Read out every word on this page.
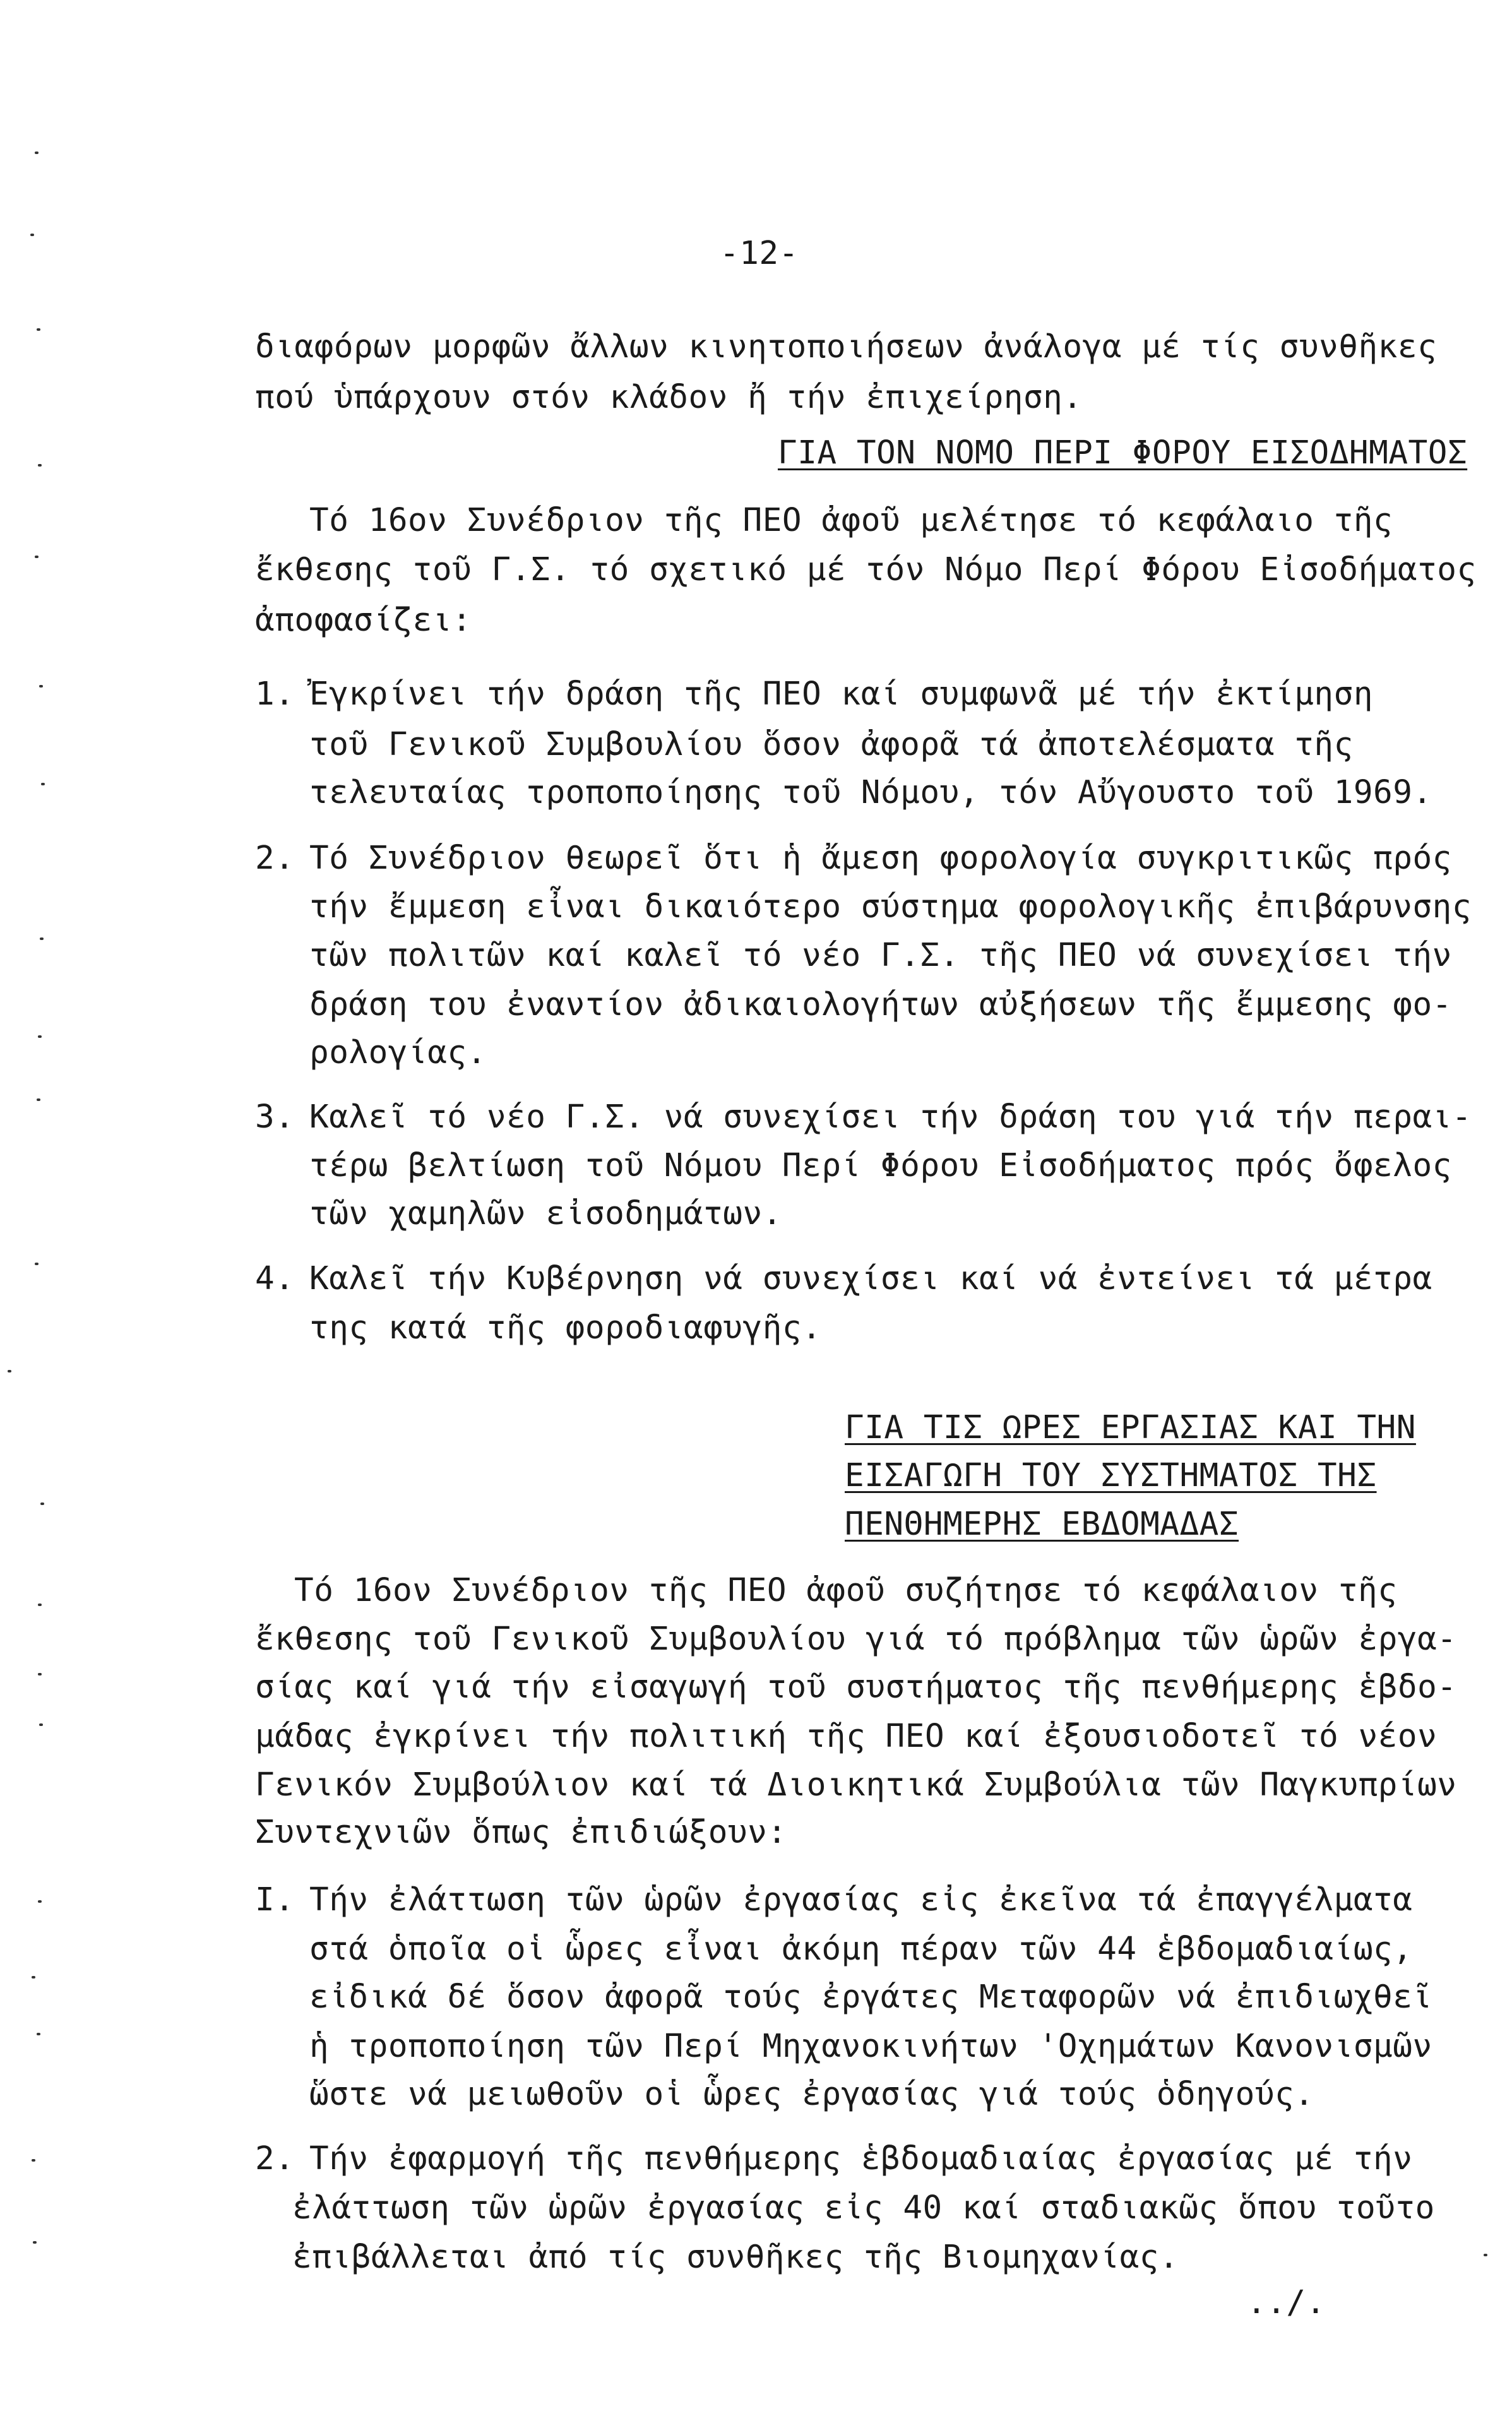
-12-
διαφόρων μορφῶν ἄλλων κινητοποιήσεων ἀνάλογα μέ τίς συνθῆκες
πού ὑπάρχουν στόν κλάδον ἤ τήν ἐπιχείρηση.
ΓΙΑ ΤΟΝ ΝΟΜΟ ΠΕΡΙ ΦΟΡΟΥ ΕΙΣΟΔΗΜΑΤΟΣ
Τό 16ον Συνέδριον τῆς ΠΕΟ ἀφοῦ μελέτησε τό κεφάλαιο τῆς
ἔκθεσης τοῦ Γ.Σ. τό σχετικό μέ τόν Νόμο Περί Φόρου Εἰσοδήματος
ἀποφασίζει:
1. Ἐγκρίνει τήν δράση τῆς ΠΕΟ καί συμφωνᾶ μέ τήν ἐκτίμηση
τοῦ Γενικοῦ Συμβουλίου ὅσον ἀφορᾶ τά ἀποτελέσματα τῆς
τελευταίας τροποποίησης τοῦ Νόμου, τόν Αὔγουστο τοῦ 1969.
2. Τό Συνέδριον θεωρεῖ ὅτι ἡ ἄμεση φορολογία συγκριτικῶς πρός
τήν ἔμμεση εἶναι δικαιότερο σύστημα φορολογικῆς ἐπιβάρυνσης
τῶν πολιτῶν καί καλεῖ τό νέο Γ.Σ. τῆς ΠΕΟ νά συνεχίσει τήν
δράση του ἐναντίον ἀδικαιολογήτων αὐξήσεων τῆς ἔμμεσης φο-
ρολογίας.
3. Καλεῖ τό νέο Γ.Σ. νά συνεχίσει τήν δράση του γιά τήν περαι-
τέρω βελτίωση τοῦ Νόμου Περί Φόρου Εἰσοδήματος πρός ὄφελος
τῶν χαμηλῶν εἰσοδημάτων.
4. Καλεῖ τήν Κυβέρνηση νά συνεχίσει καί νά ἐντείνει τά μέτρα
της κατά τῆς φοροδιαφυγῆς.
ΓΙΑ ΤΙΣ ΩΡΕΣ ΕΡΓΑΣΙΑΣ ΚΑΙ ΤΗΝ
ΕΙΣΑΓΩΓΗ ΤΟΥ ΣΥΣΤΗΜΑΤΟΣ ΤΗΣ
ΠΕΝΘΗΜΕΡΗΣ ΕΒΔΟΜΑΔΑΣ
Τό 16ον Συνέδριον τῆς ΠΕΟ ἀφοῦ συζήτησε τό κεφάλαιον τῆς
ἔκθεσης τοῦ Γενικοῦ Συμβουλίου γιά τό πρόβλημα τῶν ὡρῶν ἐργα-
σίας καί γιά τήν εἰσαγωγή τοῦ συστήματος τῆς πενθήμερης ἑβδο-
μάδας ἐγκρίνει τήν πολιτική τῆς ΠΕΟ καί ἐξουσιοδοτεῖ τό νέον
Γενικόν Συμβούλιον καί τά Διοικητικά Συμβούλια τῶν Παγκυπρίων
Συντεχνιῶν ὅπως ἐπιδιώξουν:
Ι. Τήν ἐλάττωση τῶν ὡρῶν ἐργασίας εἰς ἐκεῖνα τά ἐπαγγέλματα
στά ὁποῖα οἱ ὧρες εἶναι ἀκόμη πέραν τῶν 44 ἑβδομαδιαίως,
εἰδικά δέ ὅσον ἀφορᾶ τούς ἐργάτες Μεταφορῶν νά ἐπιδιωχθεῖ
ἡ τροποποίηση τῶν Περί Μηχανοκινήτων 'Οχημάτων Κανονισμῶν
ὥστε νά μειωθοῦν οἱ ὧρες ἐργασίας γιά τούς ὁδηγούς.
2. Τήν ἐφαρμογή τῆς πενθήμερης ἑβδομαδιαίας ἐργασίας μέ τήν
ἐλάττωση τῶν ὡρῶν ἐργασίας εἰς 40 καί σταδιακῶς ὅπου τοῦτο
ἐπιβάλλεται ἀπό τίς συνθῆκες τῆς Βιομηχανίας.
../.
